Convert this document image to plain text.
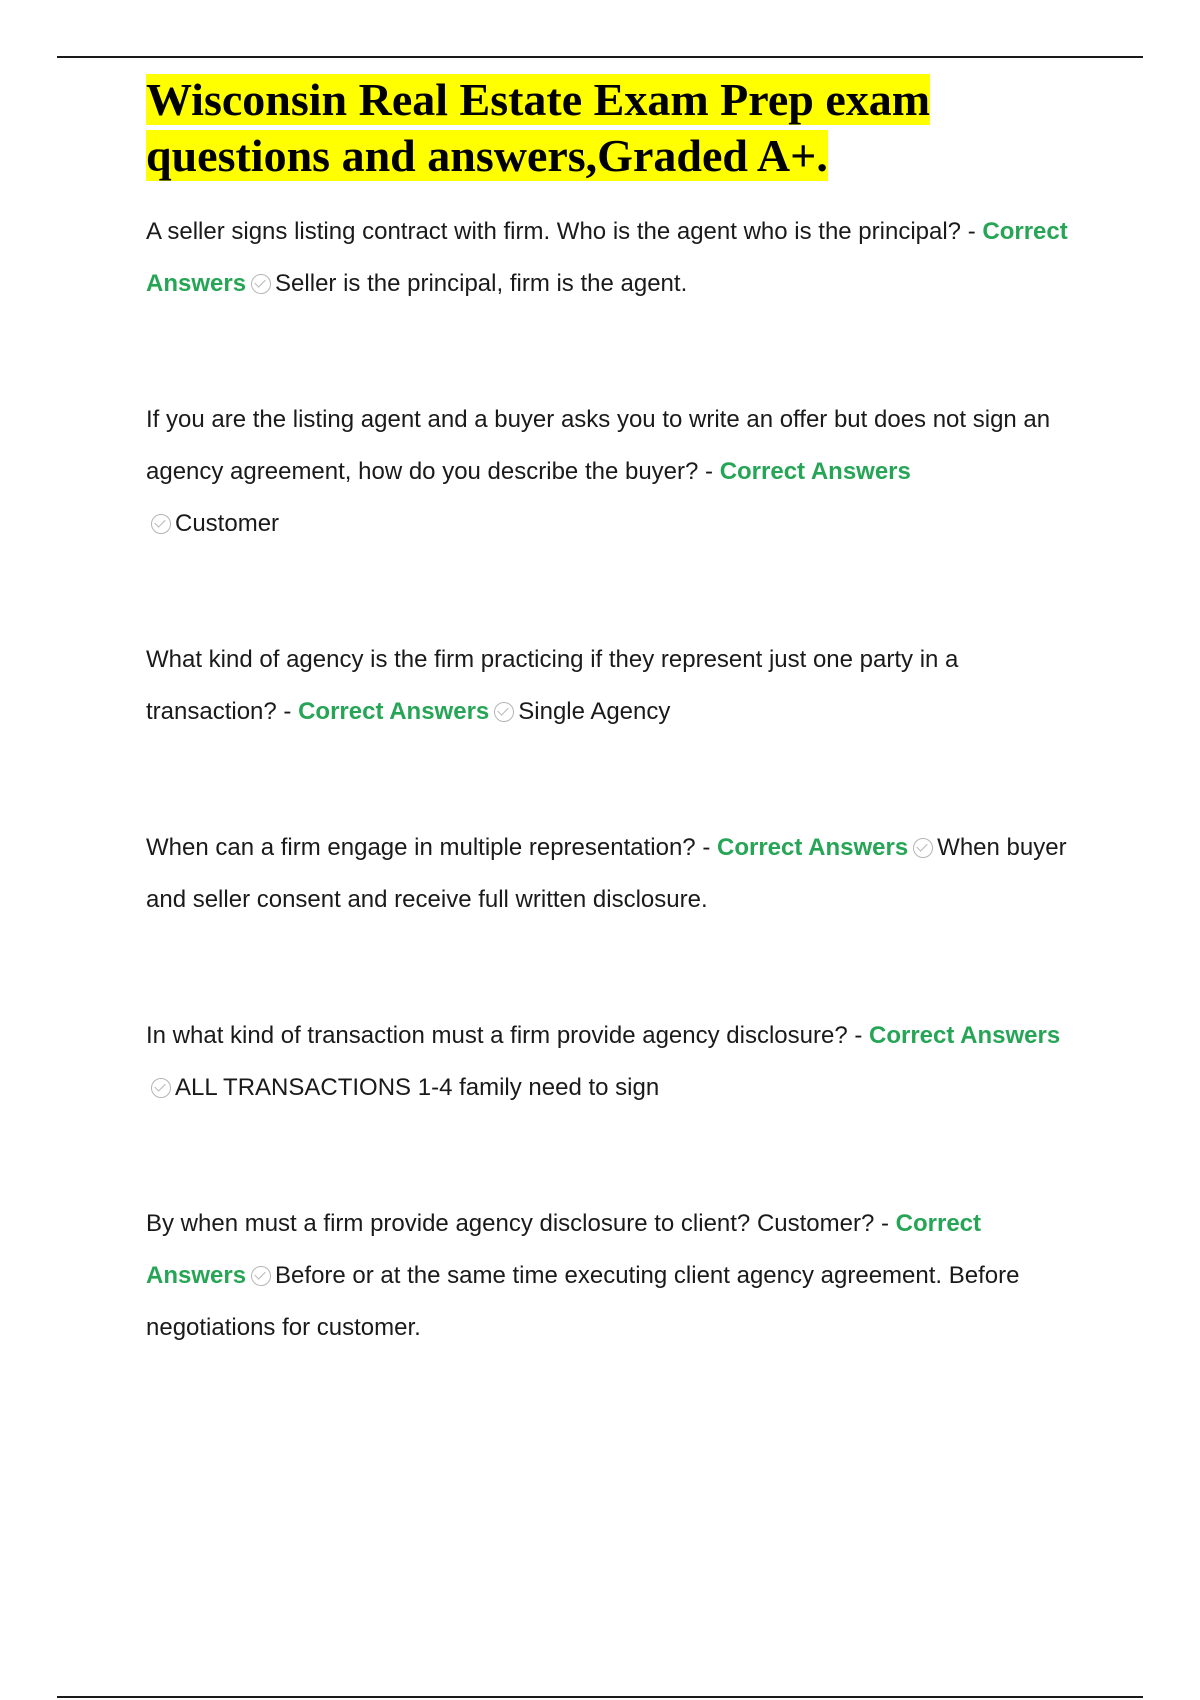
Wisconsin Real Estate Exam Prep exam questions and answers,Graded A+.

A seller signs listing contract with firm. Who is the agent who is the principal? - Correct Answers Seller is the principal, firm is the agent.

If you are the listing agent and a buyer asks you to write an offer but does not sign an agency agreement, how do you describe the buyer? - Correct Answers
Customer

What kind of agency is the firm practicing if they represent just one party in a transaction? - Correct Answers Single Agency

When can a firm engage in multiple representation? - Correct Answers When buyer and seller consent and receive full written disclosure.

In what kind of transaction must a firm provide agency disclosure? - Correct AnswersALL TRANSACTIONS 1-4 family need to sign

By when must a firm provide agency disclosure to client? Customer? - Correct Answers Before or at the same time executing client agency agreement. Before negotiations for customer.
